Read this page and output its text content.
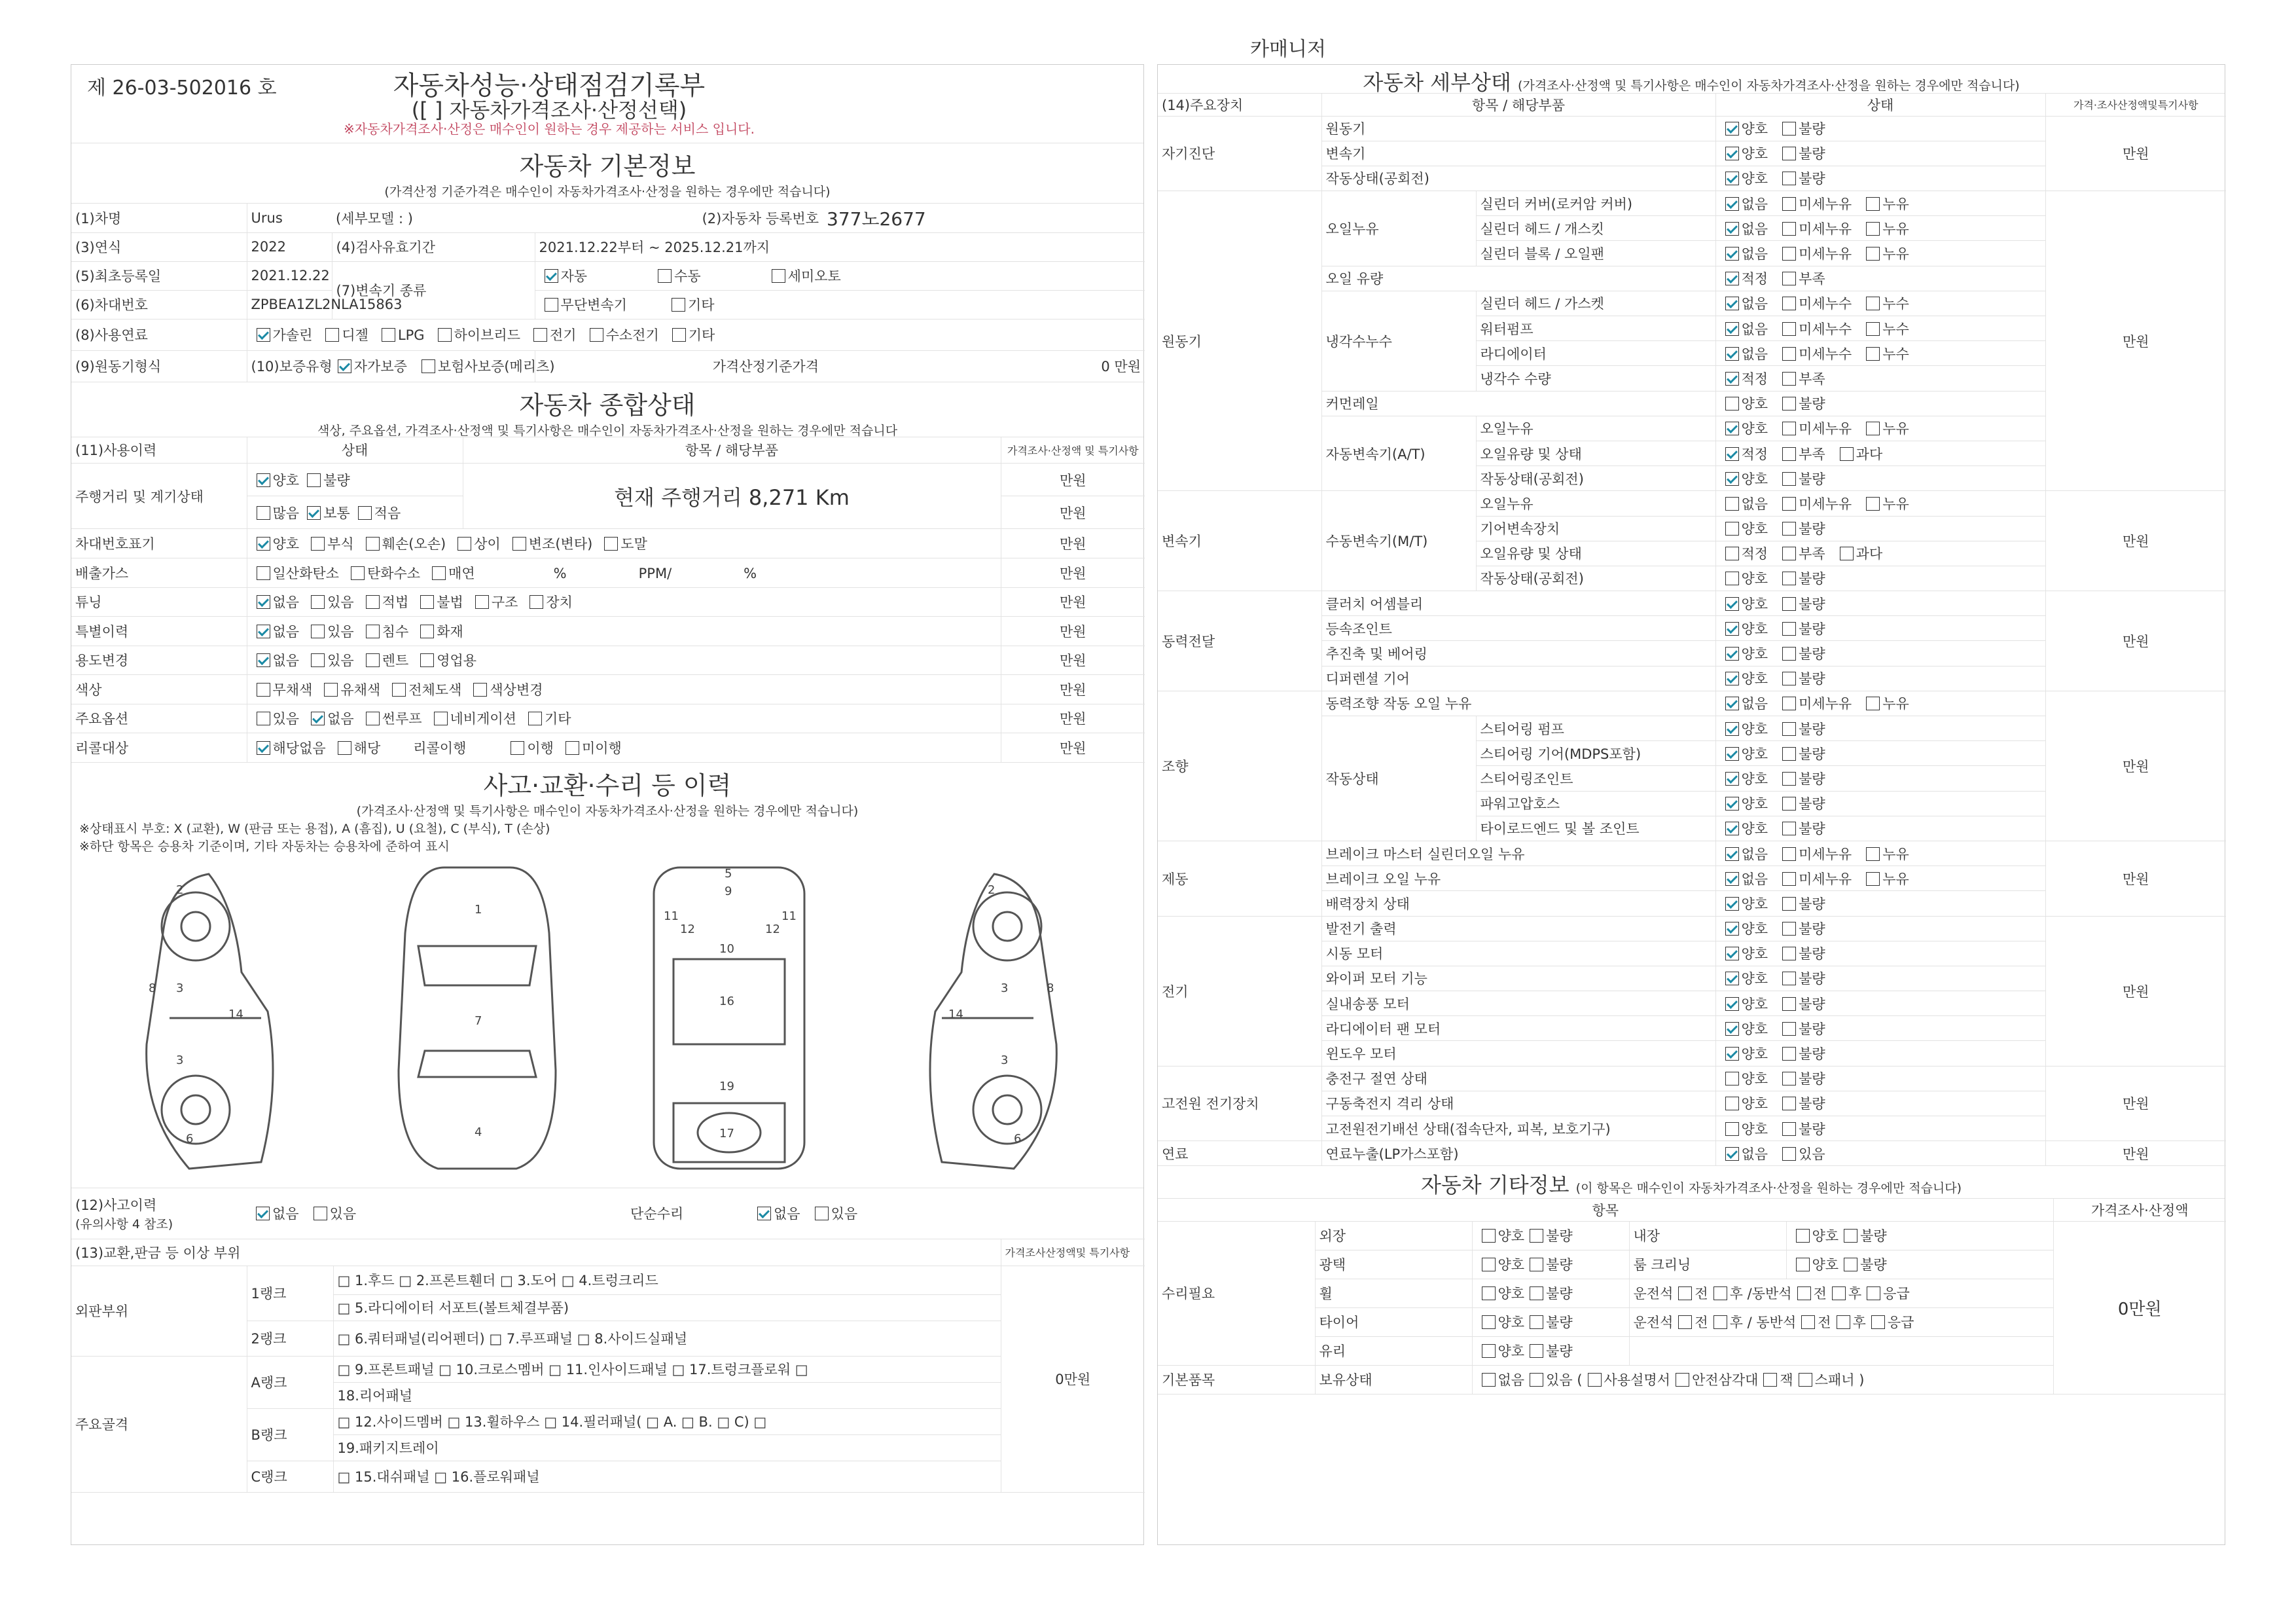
카매니저
제 26-03-502016 호	자동차성능·상태점검기록부
([ ] 자동차가격조사·산정선택)
※자동차가격조사·산정은 매수인이 원하는 경우 제공하는 서비스 입니다.
자동차 기본정보
(가격산정 기준가격은 매수인이 자동차가격조사·산정을 원하는 경우에만 적습니다)
(1)차명	Urus	(세부모델 : )	(2)자동차 등록번호	377노2677
(3)연식	2022	(4)검사유효기간	2021.12.22부터 ~ 2025.12.21까지	
(5)최초등록일	2021.12.22	(7)변속기 종류	자동 수동 세미오토	
(6)차대번호	ZPBEA1ZL2NLA15863		무단변속기 기타	
(8)사용연료	가솔린 디젤 LPG 하이브리드 전기 수소전기 기타			
(9)원동기형식	(10)보증유형 자가보증 보험사보증(메리츠)		가격산정기준가격	0 만원
자동차 종합상태
색상, 주요옵션, 가격조사·산정액 및 특기사항은 매수인이 자동차가격조사·산정을 원하는 경우에만 적습니다
(11)사용이력	상태	항목 / 해당부품	가격조사·산정액 및 특기사항
주행거리 및 계기상태	양호 불량	현재 주행거리 8,271 Km	만원
	많음 보통 적음		만원
차대번호표기	양호 부식 훼손(오손) 상이 변조(변타) 도말	만원
배출가스	일산화탄소 탄화수소 매연 % PPM/ %	만원
튜닝	없음 있음 적법 불법 구조 장치	만원
특별이력	없음 있음 침수 화재	만원
용도변경	없음 있음 렌트 영업용	만원
색상	무채색 유채색 전체도색 색상변경	만원
주요옵션	있음 없음 썬루프 네비게이션 기타	만원
리콜대상	해당없음 해당 리콜이행 이행 미이행	만원
사고·교환·수리 등 이력
(가격조사·산정액 및 특기사항은 매수인이 자동차가격조사·산정을 원하는 경우에만 적습니다)
※상태표시 부호: X (교환), W (판금 또는 용접), A (흠집), U (요철), C (부식), T (손상)
※하단 항목은 승용차 기준이며, 기타 자동차는 승용차에 준하여 표시
2
3
3
14
6
8
1
7
4
5
9
11	11
12	12
10
16
19
17
2
3
3
14
6
8
(12)사고이력
(유의사항 4 참조)
	없음 있음	단순수리	없음 있음
(13)교환,판금 등 이상 부위			가격조사산정액및 특기사항
외판부위	1랭크	□ 1.후드 □ 2.프론트휀더 □ 3.도어 □ 4.트렁크리드	0만원
		□ 5.라디에이터 서포트(볼트체결부품)	
	2랭크	□ 6.쿼터패널(리어펜더) □ 7.루프패널 □ 8.사이드실패널	
주요골격	A랭크	□ 9.프론트패널 □ 10.크로스멤버 □ 11.인사이드패널 □ 17.트렁크플로워 □	
		18.리어패널	
	B랭크	□ 12.사이드멤버 □ 13.휠하우스 □ 14.필러패널( □ A. □ B. □ C) □	
		19.패키지트레이	
	C랭크	□ 15.대쉬패널 □ 16.플로워패널	
자동차 세부상태 (가격조사·산정액 및 특기사항은 매수인이 자동차가격조사·산정을 원하는 경우에만 적습니다)
(14)주요장치	항목 / 해당부품		상태	가격·조사산정액및특기사항
자기진단	원동기		양호 불량	만원
	변속기		양호 불량	
	작동상태(공회전)		양호 불량	
원동기	오일누유	실린더 커버(로커암 커버)	없음 미세누유 누유	만원
		실린더 헤드 / 개스킷	없음 미세누유 누유	
		실린더 블록 / 오일팬	없음 미세누유 누유	
	오일 유량		적정 부족	
	냉각수누수	실린더 헤드 / 가스켓	없음 미세누수 누수	
		워터펌프	없음 미세누수 누수	
		라디에이터	없음 미세누수 누수	
		냉각수 수량	적정 부족	
	커먼레일		양호 불량	
	자동변속기(A/T)	오일누유	양호 미세누유 누유	
		오일유량 및 상태	적정 부족 과다	
		작동상태(공회전)	양호 불량	
변속기	수동변속기(M/T)	오일누유	없음 미세누유 누유	만원
		기어변속장치	양호 불량	
		오일유량 및 상태	적정 부족 과다	
		작동상태(공회전)	양호 불량	
동력전달	클러치 어셈블리		양호 불량	만원
	등속조인트		양호 불량	
	추진축 및 베어링		양호 불량	
	디퍼렌셜 기어		양호 불량	
조향	동력조향 작동 오일 누유		없음 미세누유 누유	만원
	작동상태	스티어링 펌프	양호 불량	
		스티어링 기어(MDPS포함)	양호 불량	
		스티어링조인트	양호 불량	
		파워고압호스	양호 불량	
		타이로드엔드 및 볼 조인트	양호 불량	
제동	브레이크 마스터 실린더오일 누유		없음 미세누유 누유	만원
	브레이크 오일 누유		없음 미세누유 누유	
	배력장치 상태		양호 불량	
전기	발전기 출력		양호 불량	만원
	시동 모터		양호 불량	
	와이퍼 모터 기능		양호 불량	
	실내송풍 모터		양호 불량	
	라디에이터 팬 모터		양호 불량	
	윈도우 모터		양호 불량	
고전원 전기장치	충전구 절연 상태		양호 불량	만원
	구동축전지 격리 상태		양호 불량	
	고전원전기배선 상태(접속단자, 피복, 보호기구)		양호 불량	
연료	연료누출(LP가스포함)		없음 있음	만원
자동차 기타정보 (이 항목은 매수인이 자동차가격조사·산정을 원하는 경우에만 적습니다)
항목					가격조사·산정액
수리필요	외장	양호 불량	내장	양호 불량	0만원
	광택	양호 불량	룸 크리닝	양호 불량	
	휠	양호 불량	운전석 전 후 /동반석 전 후 응급		
	타이어	양호 불량	운전석 전 후 / 동반석 전 후 응급		
	유리	양호 불량			
기본품목	보유상태	없음 있음 ( 사용설명서 안전삼각대 잭 스패너 )			
